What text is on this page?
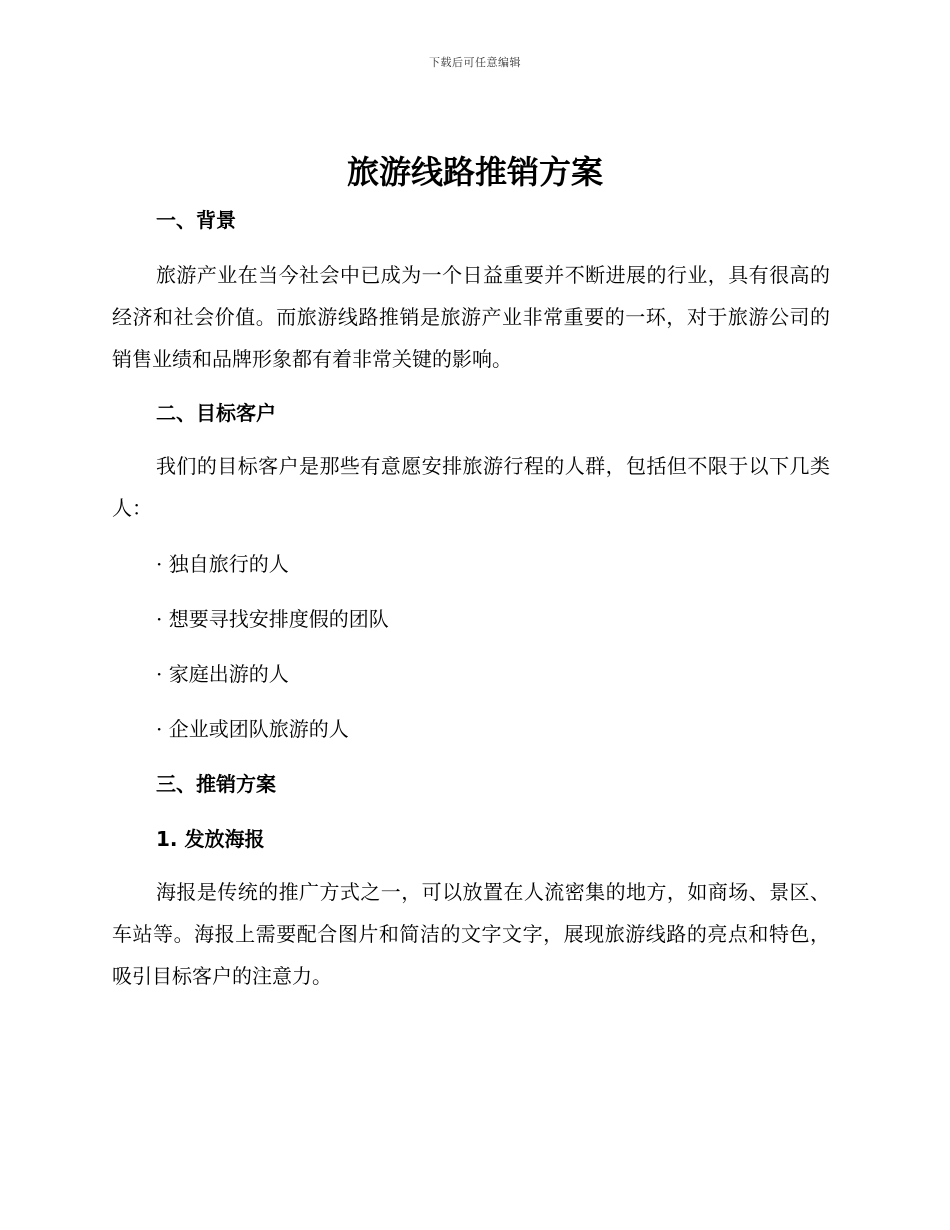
下载后可任意编辑
旅游线路推销方案
一、背景

旅游产业在当今社会中已成为一个日益重要并不断进展的行业，具有很高的经济和社会价值。而旅游线路推销是旅游产业非常重要的一环，对于旅游公司的销售业绩和品牌形象都有着非常关键的影响。

二、目标客户

我们的目标客户是那些有意愿安排旅游行程的人群，包括但不限于以下几类人：

· 独自旅行的人

· 想要寻找安排度假的团队

· 家庭出游的人

· 企业或团队旅游的人

三、推销方案
1. 发放海报

海报是传统的推广方式之一，可以放置在人流密集的地方，如商场、景区、车站等。海报上需要配合图片和简洁的文字文字，展现旅游线路的亮点和特色，吸引目标客户的注意力。
